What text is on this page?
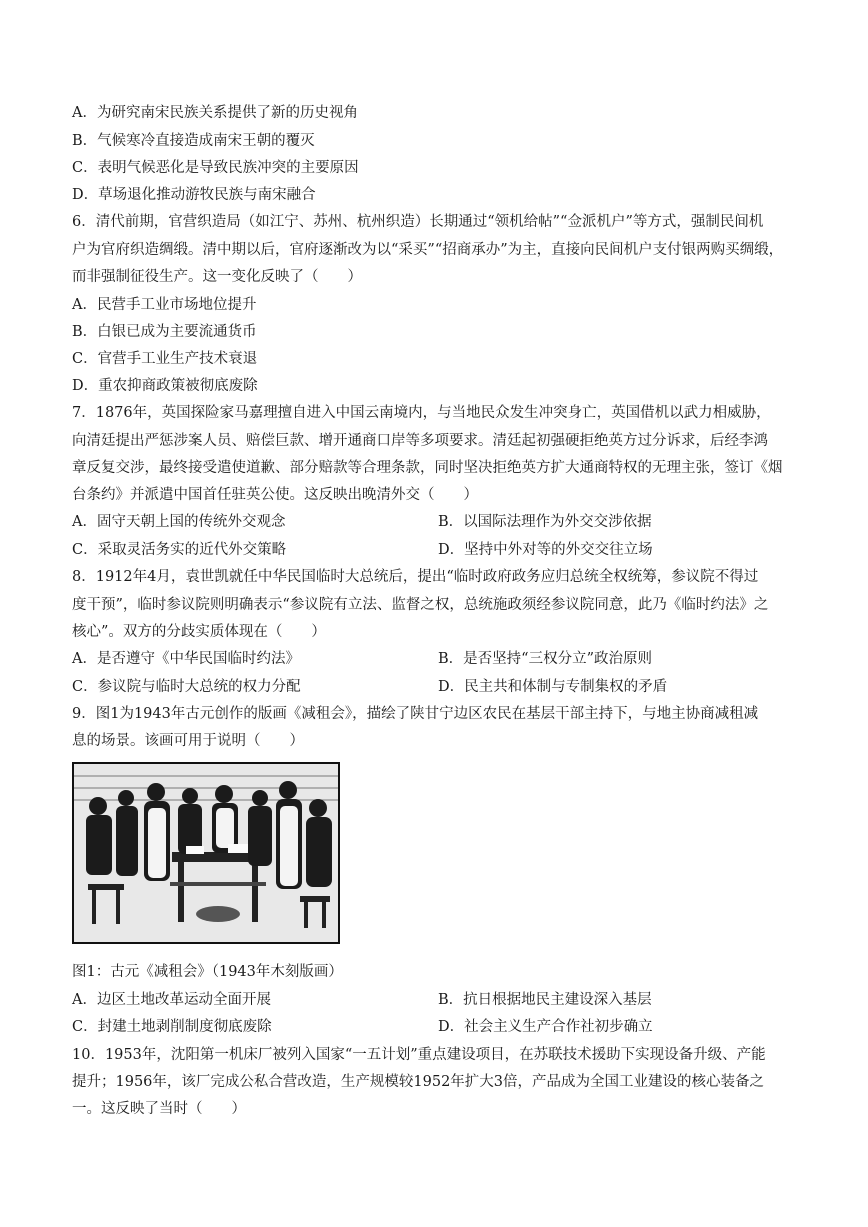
A．为研究南宋民族关系提供了新的历史视角
B．气候寒冷直接造成南宋王朝的覆灭
C．表明气候恶化是导致民族冲突的主要原因
D．草场退化推动游牧民族与南宋融合
6．清代前期，官营织造局（如江宁、苏州、杭州织造）长期通过“领机给帖”“佥派机户”等方式，强制民间机
户为官府织造绸缎。清中期以后，官府逐渐改为以“采买”“招商承办”为主，直接向民间机户支付银两购买绸缎，
而非强制征役生产。这一变化反映了（　　）
A．民营手工业市场地位提升
B．白银已成为主要流通货币
C．官营手工业生产技术衰退
D．重农抑商政策被彻底废除
7．1876年，英国探险家马嘉理擅自进入中国云南境内，与当地民众发生冲突身亡，英国借机以武力相威胁，
向清廷提出严惩涉案人员、赔偿巨款、增开通商口岸等多项要求。清廷起初强硬拒绝英方过分诉求，后经李鸿
章反复交涉，最终接受遣使道歉、部分赔款等合理条款，同时坚决拒绝英方扩大通商特权的无理主张，签订《烟
台条约》并派遣中国首任驻英公使。这反映出晚清外交（　　）
A．固守天朝上国的传统外交观念	B．以国际法理作为外交交涉依据
C．采取灵活务实的近代外交策略	D．坚持中外对等的外交交往立场
8．1912年4月，袁世凯就任中华民国临时大总统后，提出“临时政府政务应归总统全权统筹，参议院不得过
度干预”，临时参议院则明确表示“参议院有立法、监督之权，总统施政须经参议院同意，此乃《临时约法》之
核心”。双方的分歧实质体现在（　　）
A．是否遵守《中华民国临时约法》	B．是否坚持“三权分立”政治原则
C．参议院与临时大总统的权力分配	D．民主共和体制与专制集权的矛盾
9．图1为1943年古元创作的版画《减租会》，描绘了陕甘宁边区农民在基层干部主持下，与地主协商减租减
息的场景。该画可用于说明（　　）
图1：古元《减租会》（1943年木刻版画）
A．边区土地改革运动全面开展	B．抗日根据地民主建设深入基层
C．封建土地剥削制度彻底废除	D．社会主义生产合作社初步确立
10．1953年，沈阳第一机床厂被列入国家“一五计划”重点建设项目，在苏联技术援助下实现设备升级、产能
提升；1956年，该厂完成公私合营改造，生产规模较1952年扩大3倍，产品成为全国工业建设的核心装备之
一。这反映了当时（　　）
